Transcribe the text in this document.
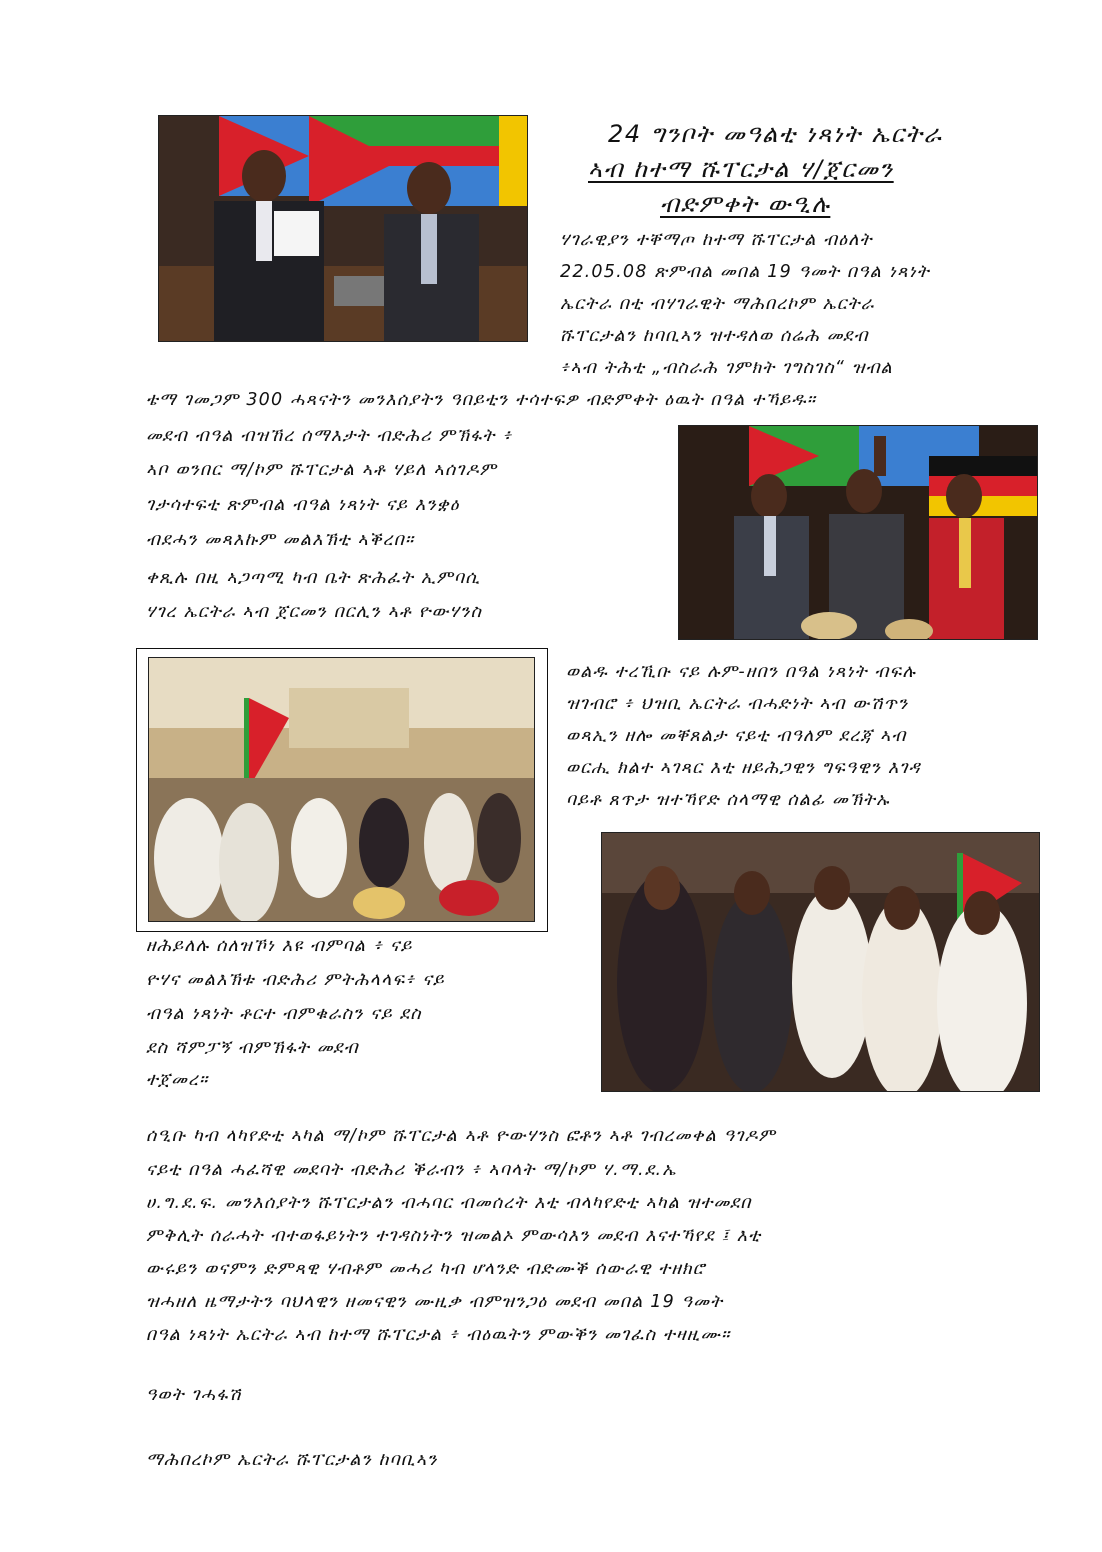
24 ግንቦት መዓልቲ ነጻነት ኤርትራ
ኣብ ከተማ ሹፐርታል ሃ/ጀርመን
ብድምቀት ውዒሉ
ሃገራዊያን ተቐማጦ ከተማ ሹፐርታል ብዕለት
22.05.08 ጽምብል መበል 19 ዓመት በዓል ነጻነት
ኤርትራ በቲ ብሃገራዊት ማሕበረኮም ኤርትራ
ሹፐርታልን ከባቢኣን ዝተዳለወ ሰሬሕ መደብ
፥ኣብ ትሕቲ „ብስራሕ ገምክት ገግስገስ“ ዝብል
ቴማ ገመጋም 300 ሓጻናትን መንእሰያትን ዓበይቲን ተሳተፍዎ ብድምቀት ዕዉት በዓል ተኻይዱ።
መደብ ብዓል ብዝኸረ ሰማእታት ብድሕሪ ምኽፋት ፥
ኣቦ ወንበር ማ/ኮም ሹፐርታል ኣቶ ሃይለ ኣሰገዶም
ገታሳተፍቲ ጽምብል ብዓል ነጻነት ናይ እንቋዕ
ብደሓን መጻእኩም መልእኽቲ ኣቕረበ።
ቀጺሉ በዚ ኣጋጣሚ ካብ ቤት ጽሕፈት ኢምባሲ
ሃገረ ኤርትራ ኣብ ጀርመን በርሊን ኣቶ ዮውሃንስ
ወልዱ ተረኺቡ ናይ ሉም-ዘበን በዓል ነጻነት ብፍሉ
ዝገብሮ ፥ ህዝቢ ኤርትራ ብሓድነት ኣብ ውሽጥን
ወጻኢን ዘሎ መቐጸልታ ናይቲ ብዓለም ደረጃ ኣብ
ወርሒ ክልተ ኣገጻር እቲ ዘይሕጋዊን ግፍዓዊን እገዳ
ባይቶ ጸጥታ ዝተኻየድ ሰላማዊ ሰልፊ መኽትኡ
ዘሕይለሉ ሰለዝኾነ እዩ ብምባል ፥ ናይ
ዮሃና መልእኽቱ ብድሕሪ ምትሕላላፍ፥ ናይ
ብዓል ነጻነት ቶርተ ብምቁራስን ናይ ደስ
ደስ ሻምፓኝ ብምኽፋት መደብ
ተጀመረ።
ሰዒቡ ካብ ላካየድቲ ኣካል ማ/ኮም ሹፐርታል ኣቶ ዮውሃንስ ፎቶን ኣቶ ገብረመቀል ዓገዶም
ናይቲ በዓል ሓፈሻዊ መደባት ብድሕሪ ቕራብን ፥ ኣባላት ማ/ኮም ሃ.ማ.ደ.ኤ
ሀ.ግ.ደ.ፍ. መንእሰያትን ሹፐርታልን ብሓባር ብመሰረት እቲ ብላካየድቲ ኣካል ዝተመደበ
ምቅሊት ሰራሓት ብተወፋይነትን ተገዳስነትን ዝመልኦ ምውሳእን መደብ እናተኻየደ ፤ እቲ
ውሩይን ወናምን ድምጻዊ ሃብቶም መሓሪ ካብ ሆላንድ ብድሙቕ ሰውራዊ ተዘክሮ
ዝሓዘለ ዜማታትን ባህላዊን ዘመናዊን ሙዚቃ ብምዝንጋዕ መደብ መበል 19 ዓመት
በዓል ነጻነት ኤርትራ ኣብ ከተማ ሹፐርታል ፥ ብዕዉትን ምውቕን መገፈስ ተዛዚሙ።
ዓወት ገሓፋሽ
ማሕበረኮም ኤርትራ ሹፐርታልን ከባቢኣን
